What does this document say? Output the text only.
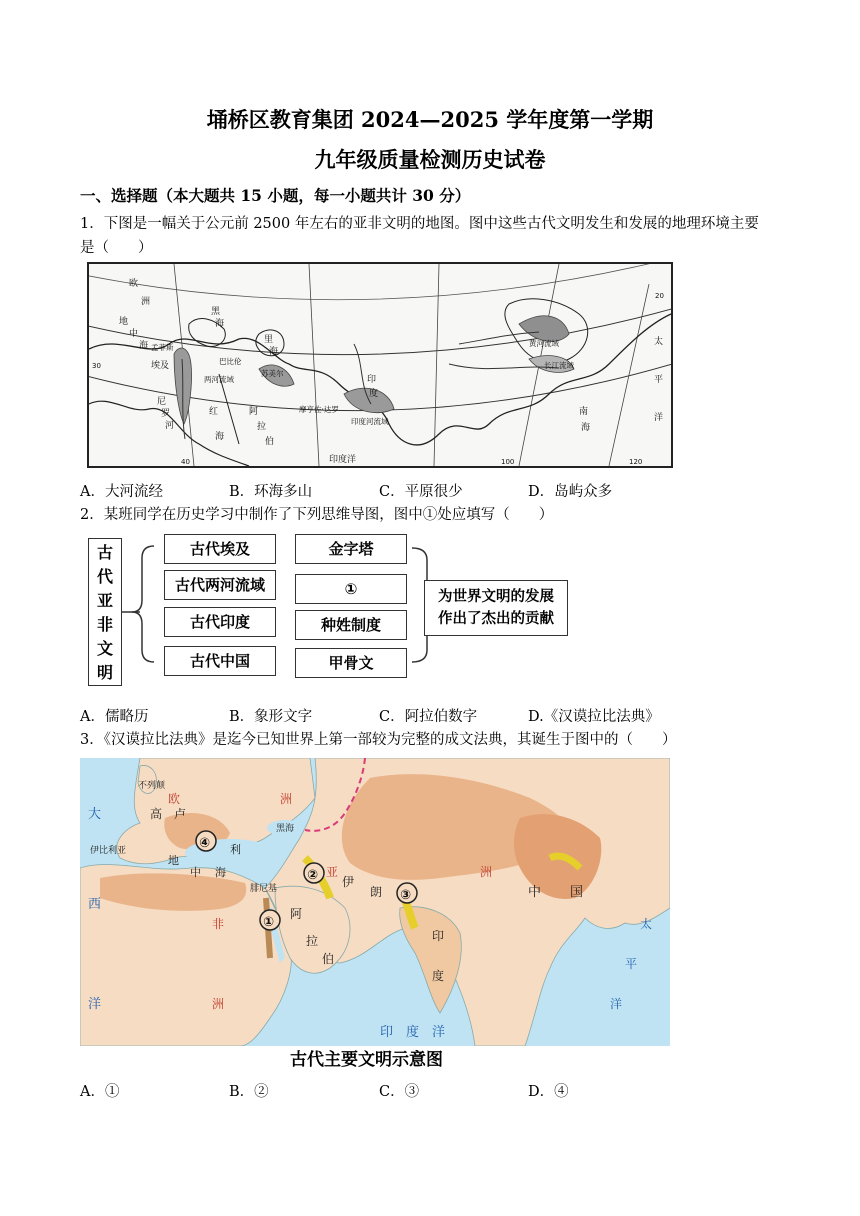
埇桥区教育集团 2024—2025 学年度第一学期
九年级质量检测历史试卷
一、选择题（本大题共 15 小题，每一小题共计 30 分）
1．下图是一幅关于公元前 2500 年左右的亚非文明的地图。图中这些古代文明发生和发展的地理环境主要
是（　　）
欧
洲
地
中
海
黑
海
里
海
孟菲斯
埃及
尼
罗
河
巴比伦
苏美尔
两河流域
红
海
阿
拉
伯
摩亨佐·达罗
印度河流域
印
度
印度洋
黄河流域
长江流域
太
平
洋
南
海
40	100	120
30
20
A．大河流经	B．环海多山	C．平原很少	D．岛屿众多
2．某班同学在历史学习中制作了下列思维导图，图中①处应填写（　　）
古
代
亚
非
文
明
古代埃及
古代两河流域
古代印度
古代中国
金字塔
①
种姓制度
甲骨文
为世界文明的发展
作出了杰出的贡献
A．儒略历	B．象形文字	C．阿拉伯数字	D.《汉谟拉比法典》
3．《汉谟拉比法典》是迄今已知世界上第一部较为完整的成文法典，其诞生于图中的（　　）
④
②
③
①
不列颠
欧	洲
高 卢
伊比利亚
大
西
洋
地
中 海
利
黑海
亚
伊
朗
腓尼基
阿
拉
伯
非
洲
印
度
印　度　洋
洲
中 国
太
平
洋
古代主要文明示意图
A．①	B．②	C．③	D．④
